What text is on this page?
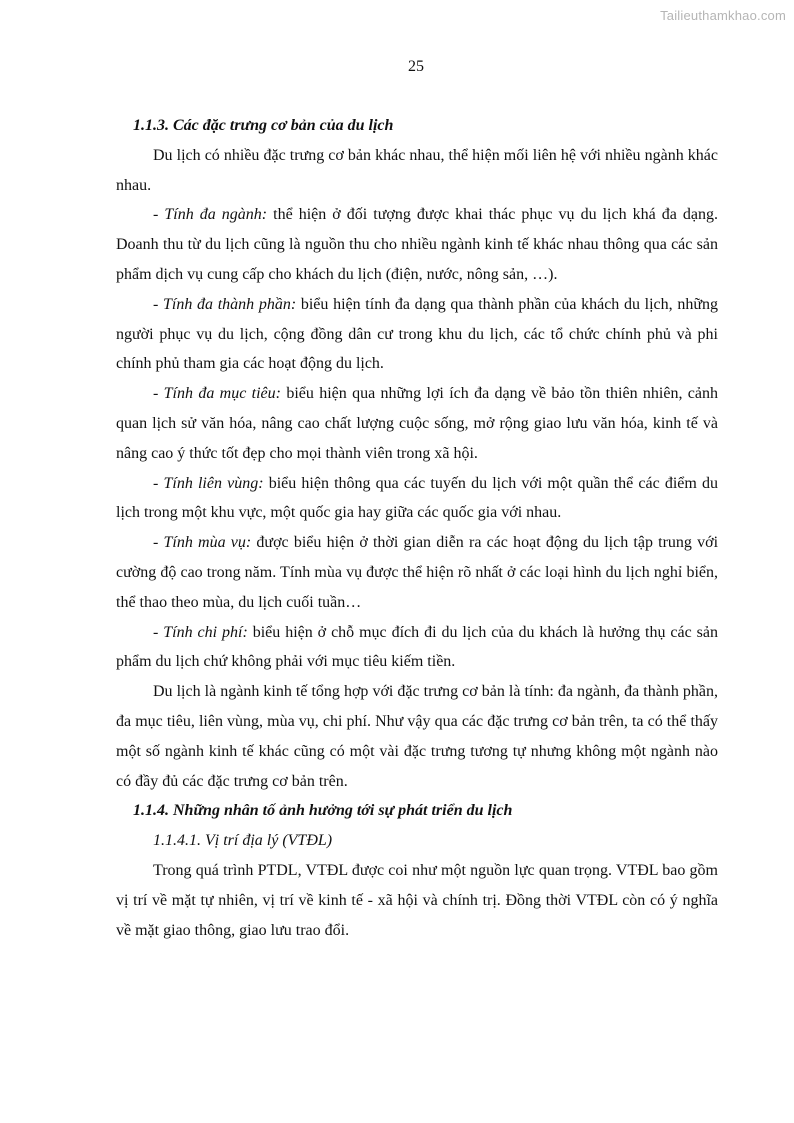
Tailieuthamkhao.com
25
1.1.3. Các đặc trưng cơ bản của du lịch

Du lịch có nhiều đặc trưng cơ bản khác nhau, thể hiện mối liên hệ với nhiều ngành khác nhau.

- Tính đa ngành: thể hiện ở đối tượng được khai thác phục vụ du lịch khá đa dạng. Doanh thu từ du lịch cũng là nguồn thu cho nhiều ngành kinh tế khác nhau thông qua các sản phẩm dịch vụ cung cấp cho khách du lịch (điện, nước, nông sản, …).

- Tính đa thành phần: biểu hiện tính đa dạng qua thành phần của khách du lịch, những người phục vụ du lịch, cộng đồng dân cư trong khu du lịch, các tổ chức chính phủ và phi chính phủ tham gia các hoạt động du lịch.

- Tính đa mục tiêu: biểu hiện qua những lợi ích đa dạng về bảo tồn thiên nhiên, cảnh quan lịch sử văn hóa, nâng cao chất lượng cuộc sống, mở rộng giao lưu văn hóa, kinh tế và nâng cao ý thức tốt đẹp cho mọi thành viên trong xã hội.

- Tính liên vùng: biểu hiện thông qua các tuyến du lịch với một quần thể các điểm du lịch trong một khu vực, một quốc gia hay giữa các quốc gia với nhau.

- Tính mùa vụ: được biểu hiện ở thời gian diễn ra các hoạt động du lịch tập trung với cường độ cao trong năm. Tính mùa vụ được thể hiện rõ nhất ở các loại hình du lịch nghỉ biển, thể thao theo mùa, du lịch cuối tuần…

- Tính chi phí: biểu hiện ở chỗ mục đích đi du lịch của du khách là hưởng thụ các sản phẩm du lịch chứ không phải với mục tiêu kiếm tiền.

Du lịch là ngành kinh tế tổng hợp với đặc trưng cơ bản là tính: đa ngành, đa thành phần, đa mục tiêu, liên vùng, mùa vụ, chi phí. Như vậy qua các đặc trưng cơ bản trên, ta có thể thấy một số ngành kinh tế khác cũng có một vài đặc trưng tương tự nhưng không một ngành nào có đầy đủ các đặc trưng cơ bản trên.

1.1.4. Những nhân tố ảnh hưởng tới sự phát triển du lịch
1.1.4.1. Vị trí địa lý (VTĐL)

Trong quá trình PTDL, VTĐL được coi như một nguồn lực quan trọng. VTĐL bao gồm vị trí về mặt tự nhiên, vị trí về kinh tế - xã hội và chính trị. Đồng thời VTĐL còn có ý nghĩa về mặt giao thông, giao lưu trao đổi.
